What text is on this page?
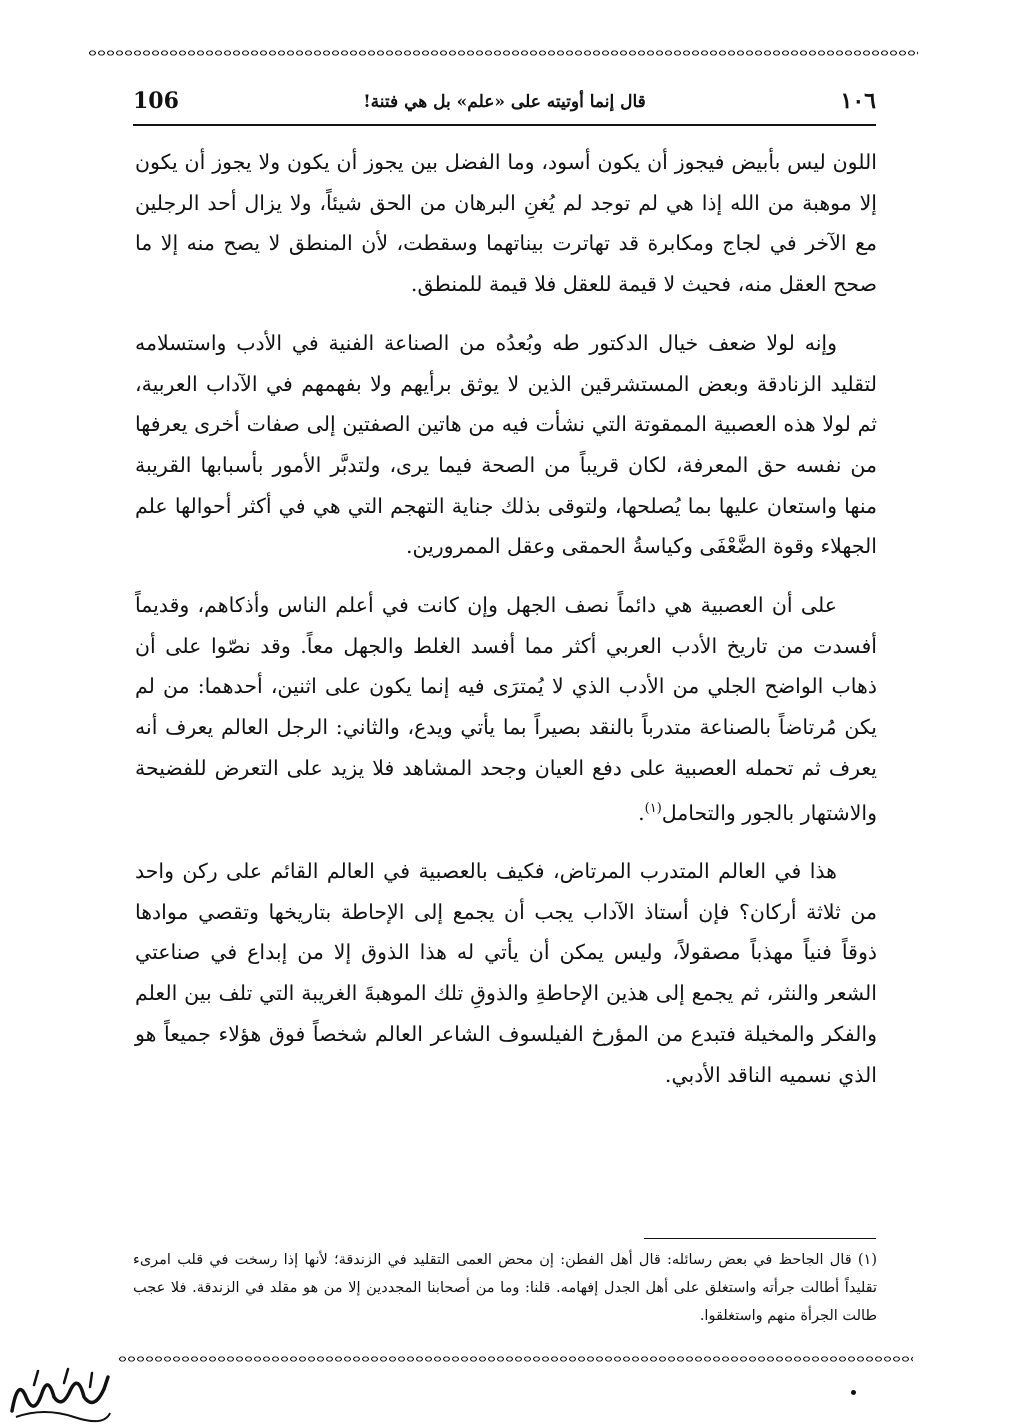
106	قال إنما أوتيته على «علم» بل هي فتنة!	١٠٦

اللون ليس بأبيض فيجوز أن يكون أسود، وما الفضل بين يجوز أن يكون ولا يجوز أن يكون إلا موهبة من الله إذا هي لم توجد لم يُغنِ البرهان من الحق شيئاً، ولا يزال أحد الرجلين مع الآخر في لجاج ومكابرة قد تهاترت بيناتهما وسقطت، لأن المنطق لا يصح منه إلا ما صحح العقل منه، فحيث لا قيمة للعقل فلا قيمة للمنطق.

وإنه لولا ضعف خيال الدكتور طه وبُعدُه من الصناعة الفنية في الأدب واستسلامه لتقليد الزنادقة وبعض المستشرقين الذين لا يوثق برأيهم ولا بفهمهم في الآداب العربية، ثم لولا هذه العصبية الممقوتة التي نشأت فيه من هاتين الصفتين إلى صفات أخرى يعرفها من نفسه حق المعرفة، لكان قريباً من الصحة فيما يرى، ولتدبَّر الأمور بأسبابها القريبة منها واستعان عليها بما يُصلحها، ولتوقى بذلك جناية التهجم التي هي في أكثر أحوالها علم الجهلاء وقوة الضَّعْفَى وكياسةُ الحمقى وعقل الممرورين.

على أن العصبية هي دائماً نصف الجهل وإن كانت في أعلم الناس وأذكاهم، وقديماً أفسدت من تاريخ الأدب العربي أكثر مما أفسد الغلط والجهل معاً. وقد نصّوا على أن ذهاب الواضح الجلي من الأدب الذي لا يُمترَى فيه إنما يكون على اثنين، أحدهما: من لم يكن مُرتاضاً بالصناعة متدرباً بالنقد بصيراً بما يأتي ويدع، والثاني: الرجل العالم يعرف أنه يعرف ثم تحمله العصبية على دفع العيان وجحد المشاهد فلا يزيد على التعرض للفضيحة والاشتهار بالجور والتحامل$^{(١)}$.

هذا في العالم المتدرب المرتاض، فكيف بالعصبية في العالم القائم على ركن واحد من ثلاثة أركان؟ فإن أستاذ الآداب يجب أن يجمع إلى الإحاطة بتاريخها وتقصي موادها ذوقاً فنياً مهذباً مصقولاً، وليس يمكن أن يأتي له هذا الذوق إلا من إبداع في صناعتي الشعر والنثر، ثم يجمع إلى هذين الإحاطةِ والذوقِ تلك الموهبةَ الغريبة التي تلف بين العلم والفكر والمخيلة فتبدع من المؤرخ الفيلسوف الشاعر العالم شخصاً فوق هؤلاء جميعاً هو الذي نسميه الناقد الأدبي.

(١) قال الجاحظ في بعض رسائله: قال أهل الفطن: إن محض العمى التقليد في الزندقة؛ لأنها إذا رسخت في قلب امرىء تقليداً أطالت جرأته واستغلق على أهل الجدل إفهامه. قلنا: وما من أصحابنا المجددين إلا من هو مقلد في الزندقة. فلا عجب طالت الجرأة منهم واستغلقوا.
